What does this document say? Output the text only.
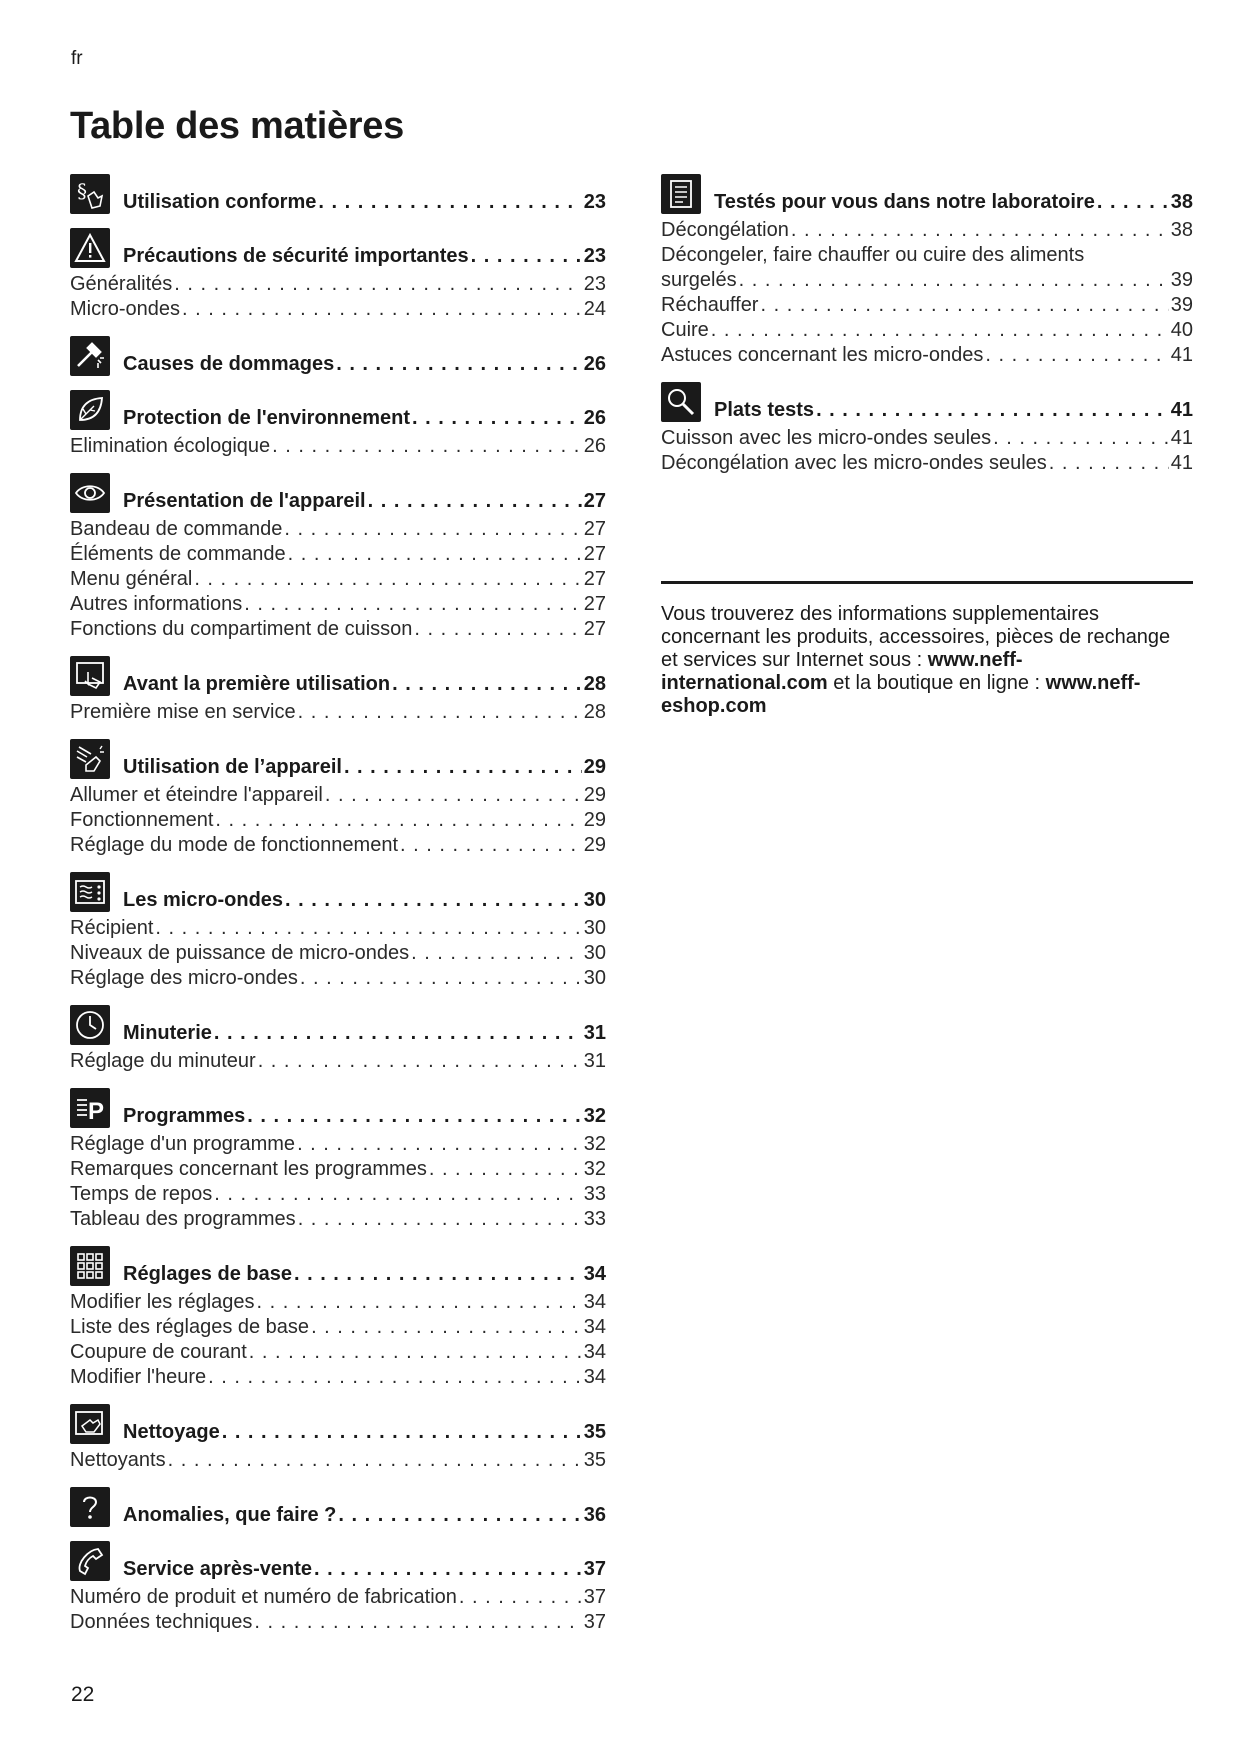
fr
Table des matières
§ Utilisation conforme . . .	23
Précautions de sécurité importantes . . .	23
Généralités . . .	23
Micro-ondes . . .	24
Causes de dommages . . .	26
Protection de l'environnement . . .	26
Elimination écologique . . .	26
Présentation de l'appareil . . .	27
Bandeau de commande . . .	27
Éléments de commande . . .	27
Menu général . . .	27
Autres informations . . .	27
Fonctions du compartiment de cuisson . . .	27
Avant la première utilisation . . .	28
Première mise en service . . .	28
Utilisation de l’appareil . . .	29
Allumer et éteindre l'appareil . . .	29
Fonctionnement . . .	29
Réglage du mode de fonctionnement . . .	29
Les micro-ondes . . .	30
Récipient . . .	30
Niveaux de puissance de micro-ondes . . .	30
Réglage des micro-ondes . . .	30
Minuterie . . .	31
Réglage du minuteur . . .	31
P Programmes . . .	32
Réglage d'un programme . . .	32
Remarques concernant les programmes . . .	32
Temps de repos . . .	33
Tableau des programmes . . .	33
Réglages de base . . .	34
Modifier les réglages . . .	34
Liste des réglages de base . . .	34
Coupure de courant . . .	34
Modifier l'heure . . .	34
Nettoyage . . .	35
Nettoyants . . .	35
Anomalies, que faire ? . . .	36
Service après-vente . . .	37
Numéro de produit et numéro de fabrication . . .	37
Données techniques . . .	37
Testés pour vous dans notre laboratoire . . .	38
Décongélation . . .	38
Décongeler, faire chauffer ou cuire des aliments
surgelés . . .	39
Réchauffer . . .	39
Cuire . . .	40
Astuces concernant les micro-ondes . . .	41
Plats tests . . .	41
Cuisson avec les micro-ondes seules . . .	41
Décongélation avec les micro-ondes seules . . .	41
Vous trouverez des informations supplementaires concernant les produits, accessoires, pièces de rechange et services sur Internet sous : www.neff-international.com et la boutique en ligne : www.neff-eshop.com
22
